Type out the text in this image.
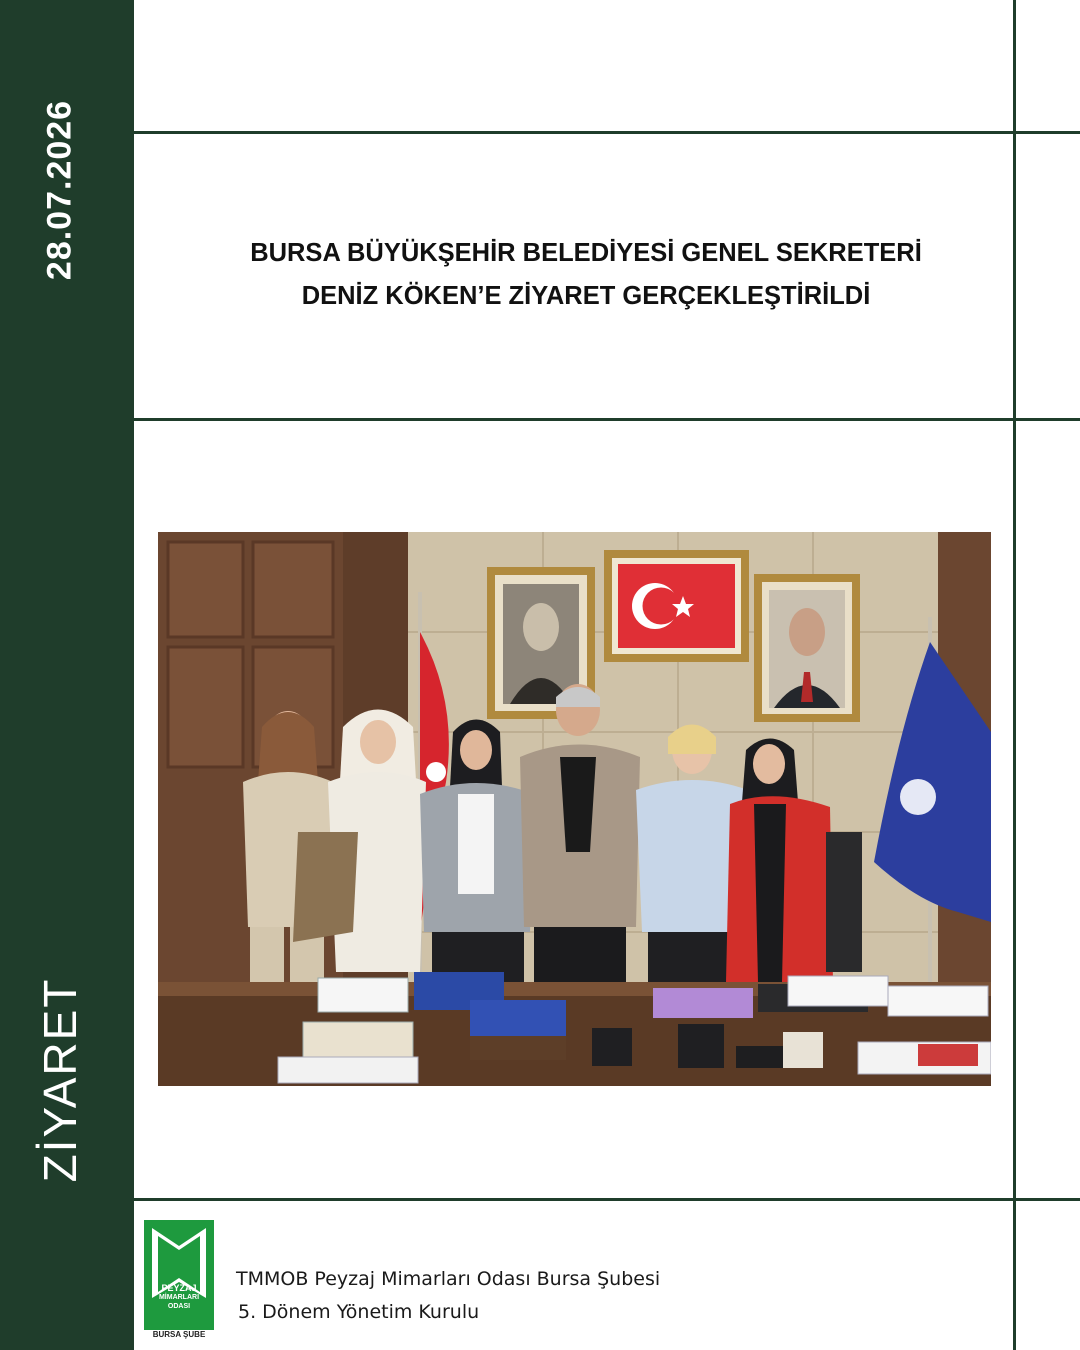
28.07.2026
ZİYARET
BURSA BÜYÜKŞEHİR BELEDİYESİ GENEL SEKRETERİ
DENİZ KÖKEN’E ZİYARET GERÇEKLEŞTİRİLDİ
PEYZAJ
MİMARLARI
ODASI
BURSA ŞUBE
TMMOB Peyzaj Mimarları Odası Bursa Şubesi
5. Dönem Yönetim Kurulu
